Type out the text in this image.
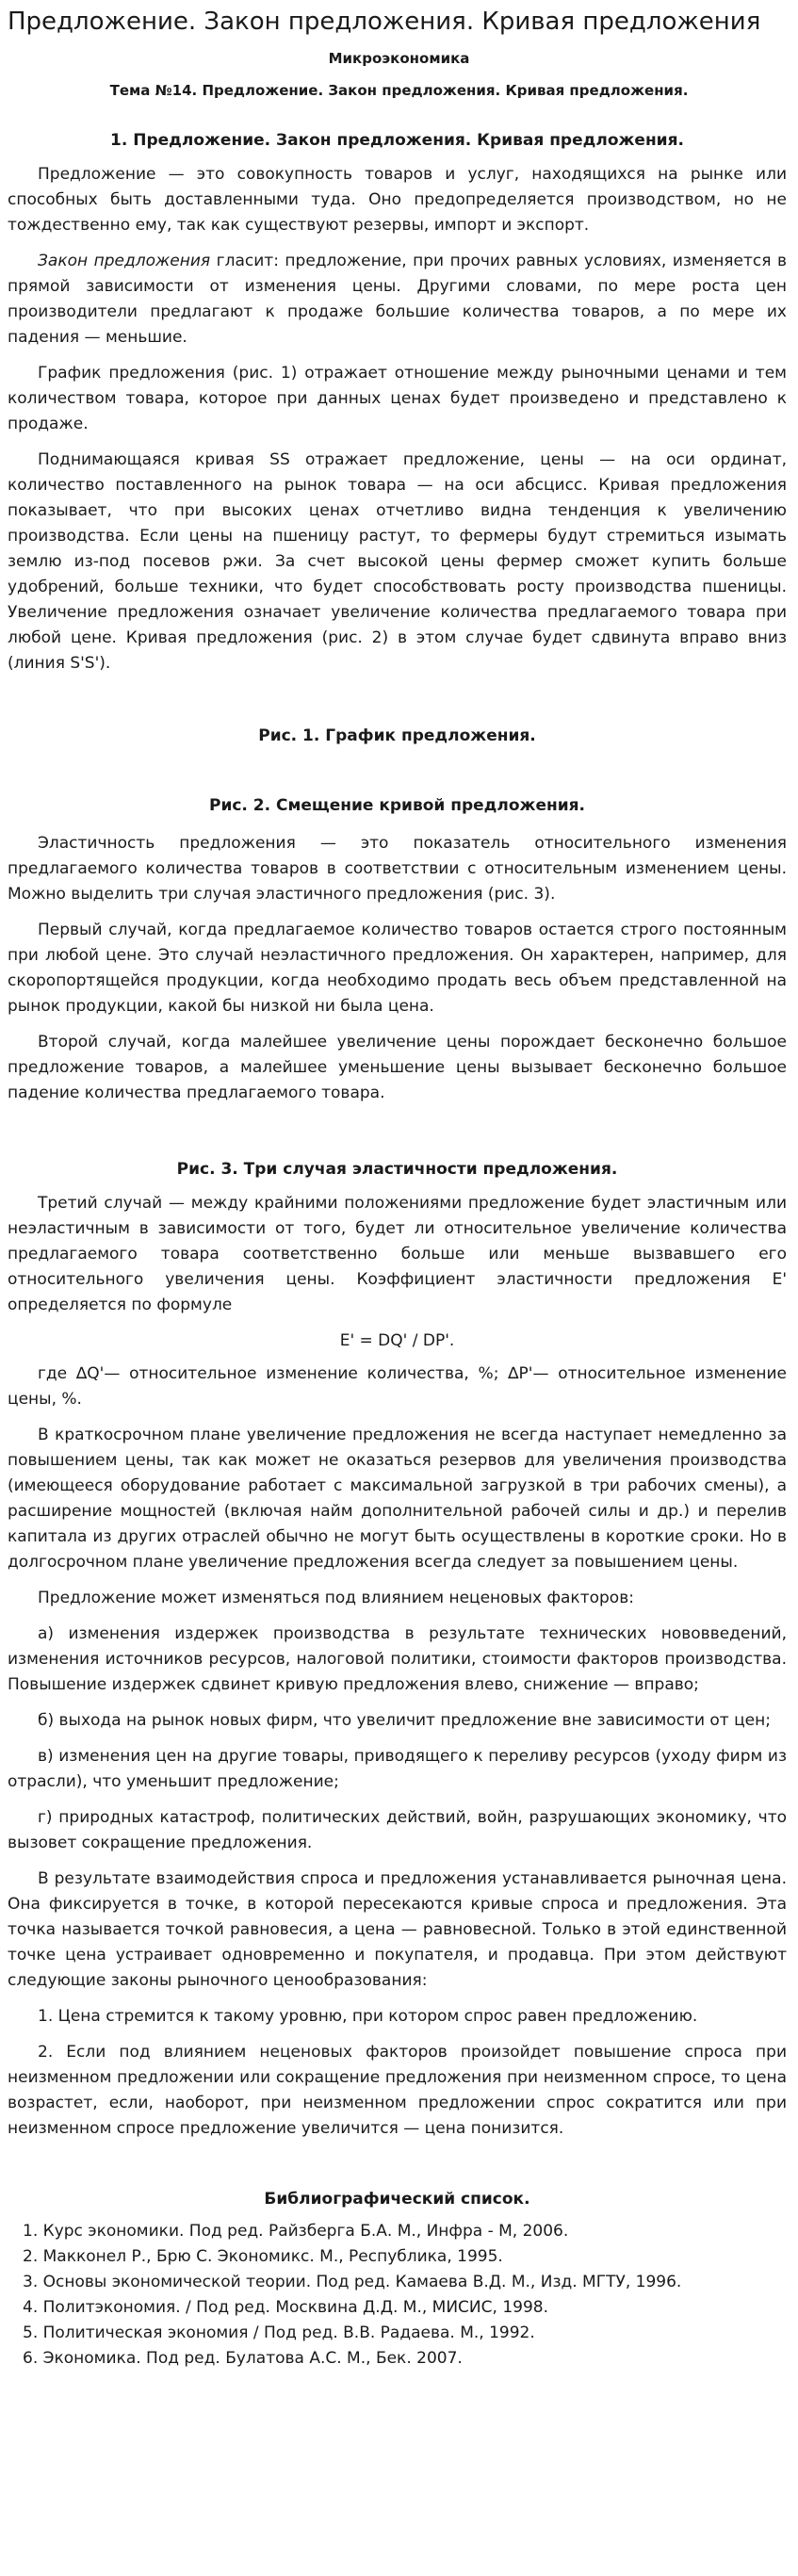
Предложение. Закон предложения. Кривая предложения
Микроэкономика
Тема №14. Предложение. Закон предложения. Кривая предложения.
1. Предложение. Закон предложения. Кривая предложения.

Предложение — это совокупность товаров и услуг, находящихся на рынке или способных быть доставленными туда. Оно предопределяется производством, но не тождественно ему, так как существуют резервы, импорт и экспорт.

Закон предложения гласит: предложение, при прочих равных условиях, изменяется в прямой зависимости от изменения цены. Другими словами, по мере роста цен производители предлагают к продаже большие количества товаров, а по мере их падения — меньшие.

График предложения (рис. 1) отражает отношение между рыночными ценами и тем количеством товара, которое при данных ценах будет произведено и представлено к продаже.

Поднимающаяся кривая SS отражает предложение, цены — на оси ординат, количество поставленного на рынок товара — на оси абсцисс. Кривая предложения показывает, что при высоких ценах отчетливо видна тенденция к увеличению производства. Если цены на пшеницу растут, то фермеры будут стремиться изымать землю из-под посевов ржи. За счет высокой цены фермер сможет купить больше удобрений, больше техники, что будет способствовать росту производства пшеницы. Увеличение предложения означает увеличение количества предлагаемого товара при любой цене. Кривая предложения (рис. 2) в этом случае будет сдвинута вправо вниз (линия S'S').

Рис. 1. График предложения.
Рис. 2. Смещение кривой предложения.

Эластичность предложения — это показатель относительного изменения предлагаемого количества товаров в соответствии с относительным изменением цены. Можно выделить три случая эластичного предложения (рис. 3).

Первый случай, когда предлагаемое количество товаров остается строго постоянным при любой цене. Это случай неэластичного предложения. Он характерен, например, для скоропортящейся продукции, когда необходимо продать весь объем представленной на рынок продукции, какой бы низкой ни была цена.

Второй случай, когда малейшее увеличение цены порождает бесконечно большое предложение товаров, а малейшее уменьшение цены вызывает бесконечно большое падение количества предлагаемого товара.

Рис. 3. Три случая эластичности предложения.

Третий случай — между крайними положениями предложение будет эластичным или неэластичным в зависимости от того, будет ли относительное увеличение количества предлагаемого товара соответственно больше или меньше вызвавшего его относительного увеличения цены. Коэффициент эластичности предложения E' определяется по формуле

E' = DQ' / DP'.

где ∆Q'— относительное изменение количества, %; ∆P'— относительное изменение цены, %.

В краткосрочном плане увеличение предложения не всегда наступает немедленно за повышением цены, так как может не оказаться резервов для увеличения производства (имеющееся оборудование работает с максимальной загрузкой в три рабочих смены), а расширение мощностей (включая найм дополнительной рабочей силы и др.) и перелив капитала из других отраслей обычно не могут быть осуществлены в короткие сроки. Но в долгосрочном плане увеличение предложения всегда следует за повышением цены.

Предложение может изменяться под влиянием неценовых факторов:

а) изменения издержек производства в результате технических нововведений, изменения источников ресурсов, налоговой политики, стоимости факторов производства. Повышение издержек сдвинет кривую предложения влево, снижение — вправо;

б) выхода на рынок новых фирм, что увеличит предложение вне зависимости от цен;

в) изменения цен на другие товары, приводящего к переливу ресурсов (уходу фирм из отрасли), что уменьшит предложение;

г) природных катастроф, политических действий, войн, разрушающих экономику, что вызовет сокращение предложения.

В результате взаимодействия спроса и предложения устанавливается рыночная цена. Она фиксируется в точке, в которой пересекаются кривые спроса и предложения. Эта точка называется точкой равновесия, а цена — равновесной. Только в этой единственной точке цена устраивает одновременно и покупателя, и продавца. При этом действуют следующие законы рыночного ценообразования:

1. Цена стремится к такому уровню, при котором спрос равен предложению.

2. Если под влиянием неценовых факторов произойдет повышение спроса при неизменном предложении или сокращение предложения при неизменном спросе, то цена возрастет, если, наоборот, при неизменном предложении спрос сократится или при неизменном спросе предложение увеличится — цена понизится.

Библиографический список.
1. Курс экономики. Под ред. Райзберга Б.А. М., Инфра - М, 2006.
2. Макконел Р., Брю С. Экономикс. М., Республика, 1995.
3. Основы экономической теории. Под ред. Камаева В.Д. М., Изд. МГТУ, 1996.
4. Политэкономия. / Под ред. Москвина Д.Д. М., МИСИС, 1998.
5. Политическая экономия / Под ред. В.В. Радаева. М., 1992.
6. Экономика. Под ред. Булатова А.С. М., Бек. 2007.
